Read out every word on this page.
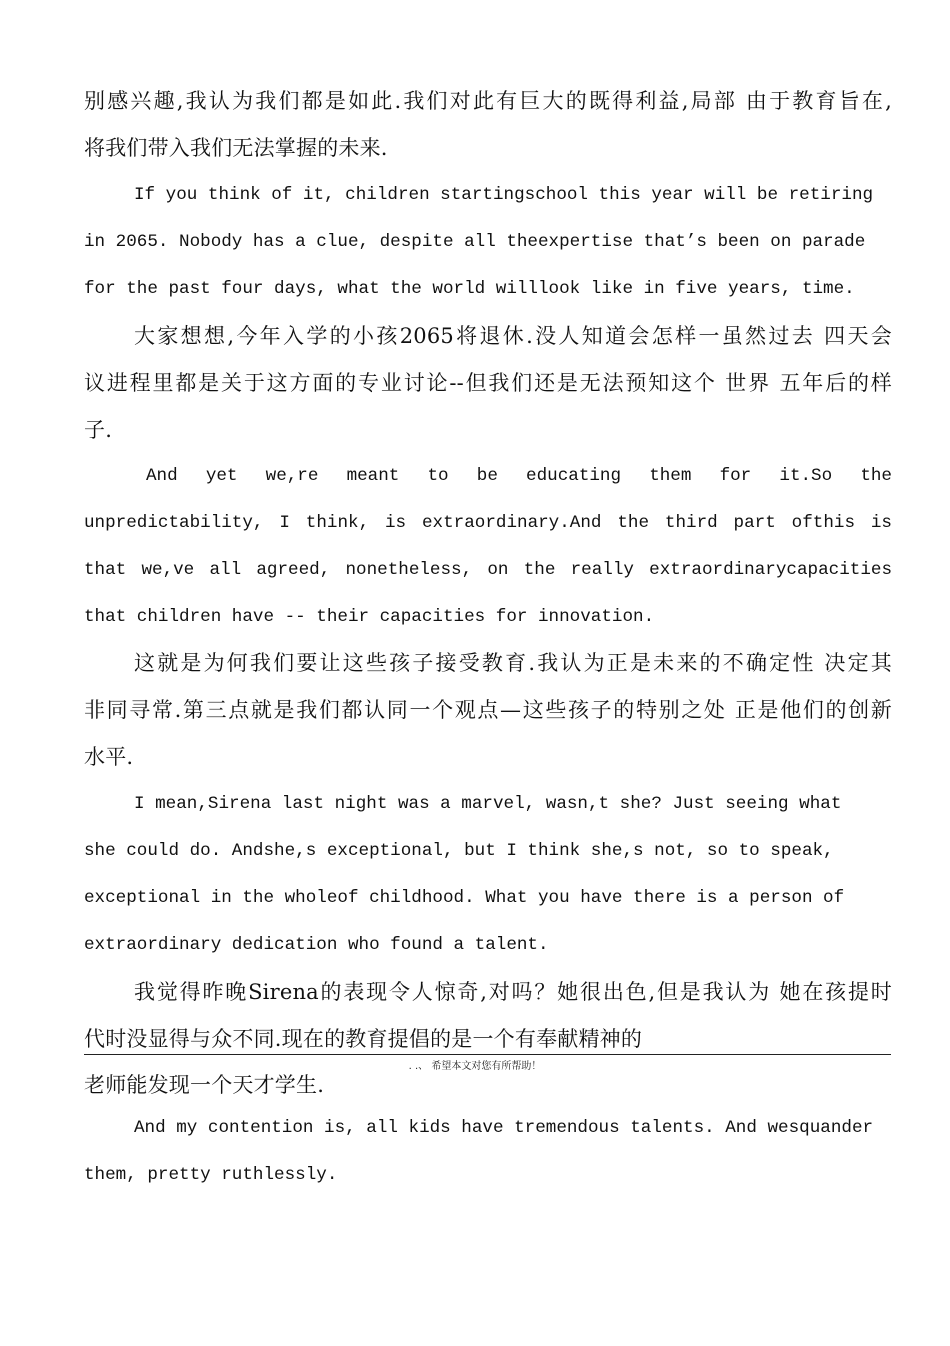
别感兴趣,我认为我们都是如此.我们对此有巨大的既得利益,局部 由于教育旨在,
将我们带入我们无法掌握的未来.
If you think of it, children startingschool this year will be retiring
in 2065. Nobody has a clue, despite all theexpertise that’s been on parade
for the past four days, what the world willlook like in five years, time.
大家想想,今年入学的小孩2065将退休.没人知道会怎样一虽然过去 四天会
议进程里都是关于这方面的专业讨论--但我们还是无法预知这个 世界 五年后的样
子.
And yet we,re meant to be educating them for it.So the
unpredictability, I think, is extraordinary.And the third part ofthis is
that we,ve all agreed, nonetheless, on the really extraordinarycapacities
that children have -- their capacities for innovation.
这就是为何我们要让这些孩子接受教育.我认为正是未来的不确定性 决定其
非同寻常.第三点就是我们都认同一个观点—这些孩子的特别之处 正是他们的创新
水平.
I mean,Sirena last night was a marvel, wasn,t she? Just seeing what
she could do. Andshe,s exceptional, but I think she,s not, so to speak,
exceptional in the wholeof childhood. What you have there is a person of
extraordinary dedication who found a talent.
我觉得昨晚Sirena的表现令人惊奇,对吗？她很出色,但是我认为 她在孩提时
代时没显得与众不同.现在的教育提倡的是一个有奉献精神的
. .、 希望本文对您有所帮助！
老师能发现一个天才学生.
And my contention is, all kids have tremendous talents. And wesquander
them, pretty ruthlessly.
